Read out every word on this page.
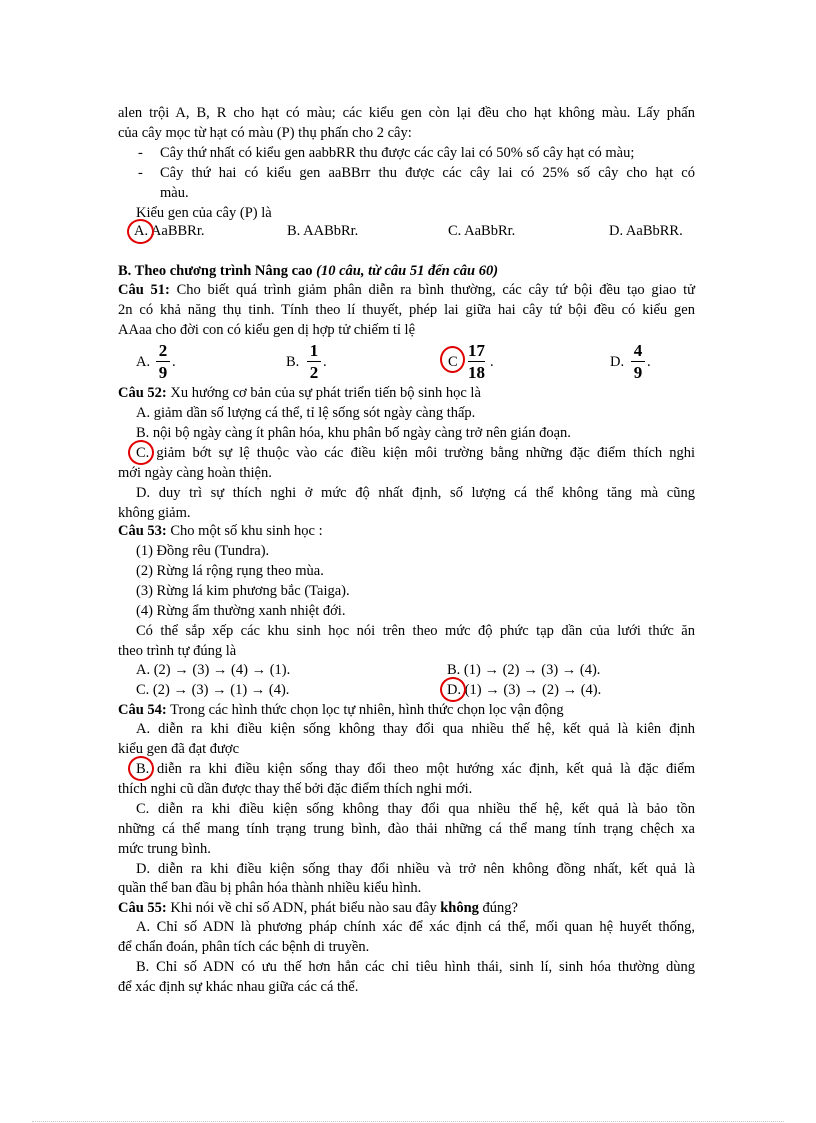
alen trội A, B, R cho hạt có màu; các kiểu gen còn lại đều cho hạt không màu. Lấy phấn
của cây mọc từ hạt có màu (P) thụ phấn cho 2 cây:
- Cây thứ nhất có kiểu gen aabbRR thu được các cây lai có 50% số cây hạt có màu;
- Cây thứ hai có kiểu gen aaBBrr thu được các cây lai có 25% số cây cho hạt có
màu.
Kiểu gen của cây (P) là
A. AaBBRr.	B. AABbRr.	C. AaBbRr.	D. AaBbRR.
B. Theo chương trình Nâng cao (10 câu, từ câu 51 đến câu 60)
Câu 51: Cho biết quá trình giảm phân diễn ra bình thường, các cây tứ bội đều tạo giao tử
2n có khả năng thụ tinh. Tính theo lí thuyết, phép lai giữa hai cây tứ bội đều có kiểu gen
AAaa cho đời con có kiểu gen dị hợp tử chiếm tỉ lệ
A.
2
9
.	B.
1
2
.	C
17
18
.	D.
4
9
.
Câu 52: Xu hướng cơ bản của sự phát triển tiến bộ sinh học là
A. giảm dần số lượng cá thể, tỉ lệ sống sót ngày càng thấp.
B. nội bộ ngày càng ít phân hóa, khu phân bố ngày càng trở nên gián đoạn.
C. giảm bớt sự lệ thuộc vào các điều kiện môi trường bằng những đặc điểm thích nghi
mới ngày càng hoàn thiện.
D. duy trì sự thích nghi ở mức độ nhất định, số lượng cá thể không tăng mà cũng
không giảm.
Câu 53: Cho một số khu sinh học :
(1) Đồng rêu (Tundra).
(2) Rừng lá rộng rụng theo mùa.
(3) Rừng lá kim phương bắc (Taiga).
(4) Rừng ẩm thường xanh nhiệt đới.
Có thể sắp xếp các khu sinh học nói trên theo mức độ phức tạp dần của lưới thức ăn
theo trình tự đúng là
A. (2) → (3) → (4) → (1).	B. (1) → (2) → (3) → (4).
C. (2) → (3) → (1) → (4).	D. (1) → (3) → (2) → (4).
Câu 54: Trong các hình thức chọn lọc tự nhiên, hình thức chọn lọc vận động
A. diễn ra khi điều kiện sống không thay đổi qua nhiều thế hệ, kết quả là kiên định
kiểu gen đã đạt được
B. diễn ra khi điều kiện sống thay đổi theo một hướng xác định, kết quả là đặc điểm
thích nghi cũ dần được thay thế bởi đặc điểm thích nghi mới.
C. diễn ra khi điều kiện sống không thay đổi qua nhiều thế hệ, kết quả là bảo tồn
những cá thể mang tính trạng trung bình, đào thải những cá thể mang tính trạng chệch xa
mức trung bình.
D. diễn ra khi điều kiện sống thay đổi nhiều và trở nên không đồng nhất, kết quả là
quần thể ban đầu bị phân hóa thành nhiều kiểu hình.
Câu 55: Khi nói về chỉ số ADN, phát biểu nào sau đây không đúng?
A. Chỉ số ADN là phương pháp chính xác để xác định cá thể, mối quan hệ huyết thống,
để chẩn đoán, phân tích các bệnh di truyền.
B. Chỉ số ADN có ưu thế hơn hẳn các chỉ tiêu hình thái, sinh lí, sinh hóa thường dùng
để xác định sự khác nhau giữa các cá thể.
